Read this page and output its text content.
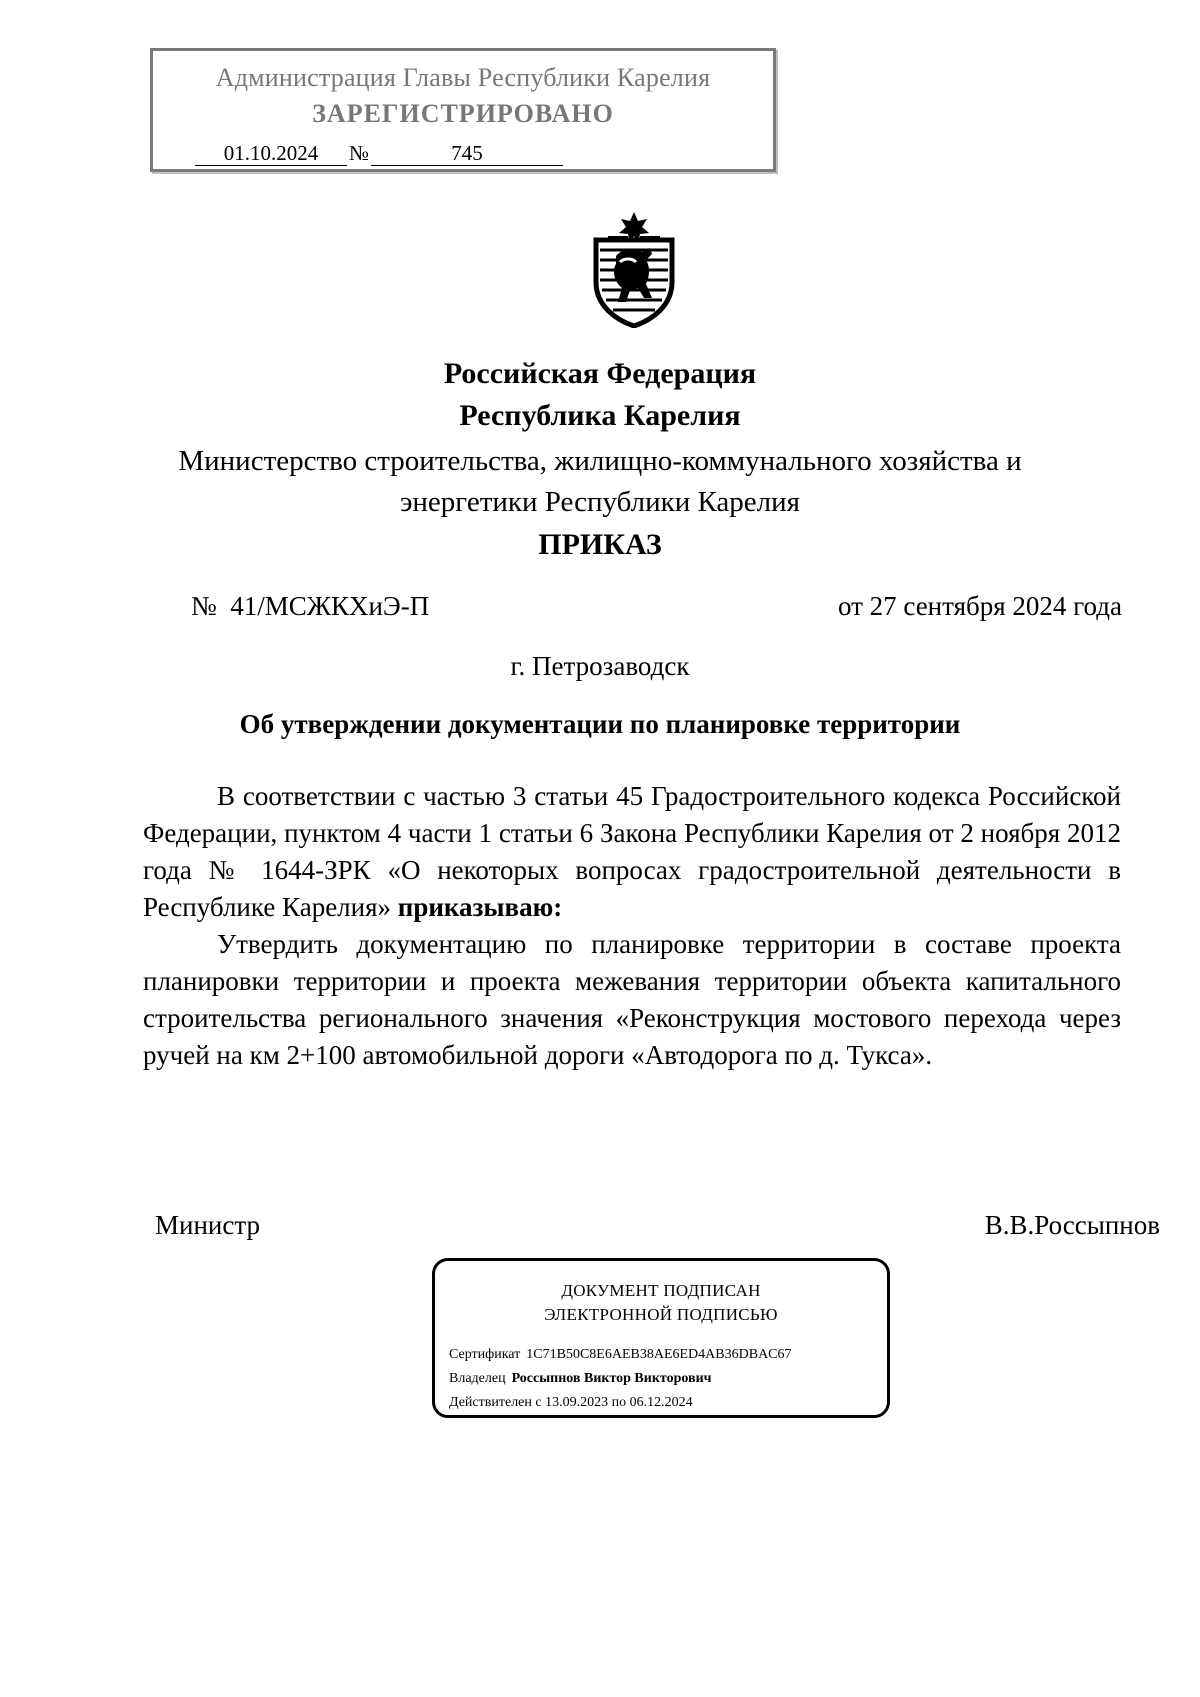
Администрация Главы Республики Карелия
ЗАРЕГИСТРИРОВАНО
01.10.2024 №	745
Российская Федерация
Республика Карелия
Министерство строительства, жилищно-коммунального хозяйства и энергетики Республики Карелия
ПРИКАЗ
№  41/МСЖКХиЭ-П	от 27 сентября 2024 года
г. Петрозаводск
Об утверждении документации по планировке территории

В соответствии с частью 3 статьи 45 Градостроительного кодекса Российской Федерации, пунктом 4 части 1 статьи 6 Закона Республики Карелия от 2 ноября 2012 года № 1644-ЗРК «О некоторых вопросах градостроительной деятельности в Республике Карелия» приказываю:

Утвердить документацию по планировке территории в составе проекта планировки территории и проекта межевания территории объекта капитального строительства регионального значения «Реконструкция мостового перехода через ручей на км 2+100 автомобильной дороги «Автодорога по д. Тукса».

Министр	В.В.Россыпнов
ДОКУМЕНТ ПОДПИСАН
ЭЛЕКТРОННОЙ ПОДПИСЬЮ
Сертификат 1C71B50C8E6AEB38AE6ED4AB36DBAC67
Владелец Россыпнов Виктор Викторович
Действителен с 13.09.2023 по 06.12.2024
